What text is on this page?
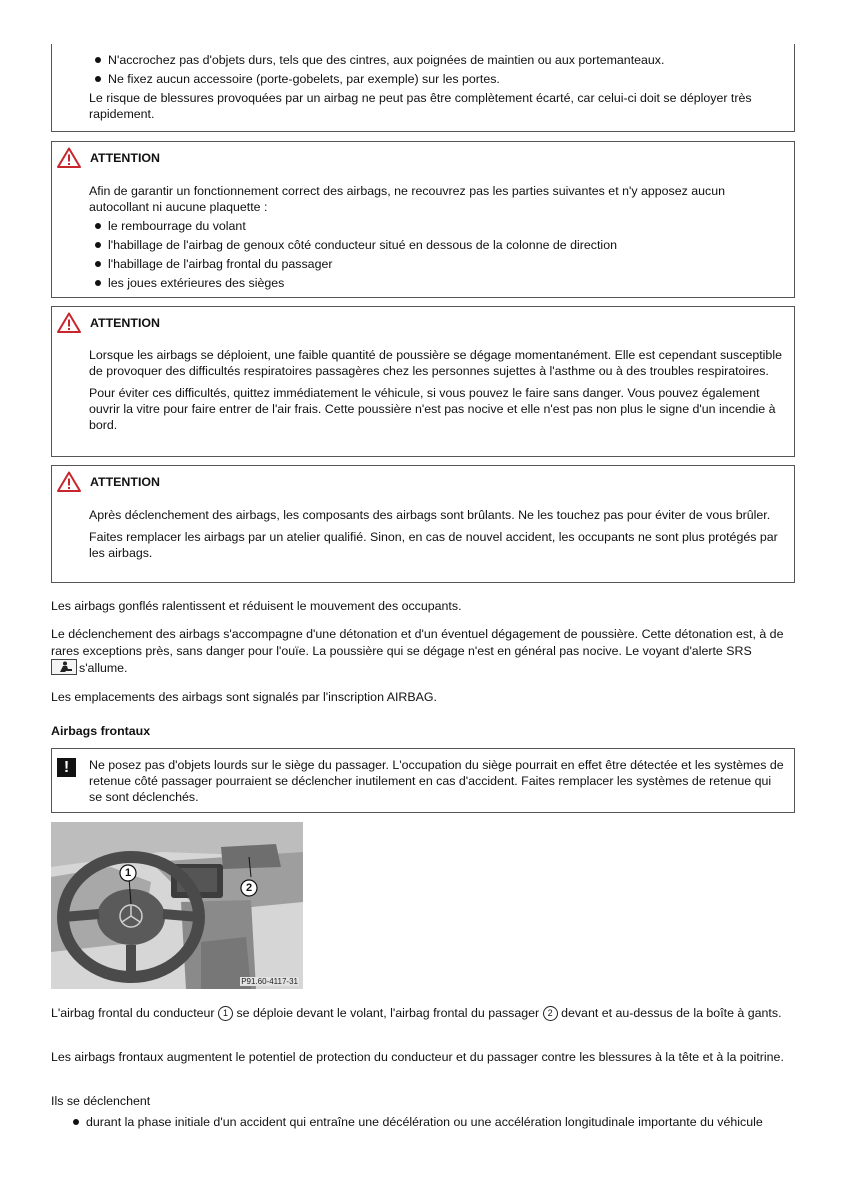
N'accrochez pas d'objets durs, tels que des cintres, aux poignées de maintien ou aux portemanteaux.
Ne fixez aucun accessoire (porte-gobelets, par exemple) sur les portes.

Le risque de blessures provoquées par un airbag ne peut pas être complètement écarté, car celui-ci doit se déployer très rapidement.

ATTENTION

Afin de garantir un fonctionnement correct des airbags, ne recouvrez pas les parties suivantes et n'y apposez aucun autocollant ni aucune plaquette :

le rembourrage du volant
l'habillage de l'airbag de genoux côté conducteur situé en dessous de la colonne de direction
l'habillage de l'airbag frontal du passager
les joues extérieures des sièges
ATTENTION

Lorsque les airbags se déploient, une faible quantité de poussière se dégage momentanément. Elle est cependant susceptible de provoquer des difficultés respiratoires passagères chez les personnes sujettes à l'asthme ou à des troubles respiratoires.

Pour éviter ces difficultés, quittez immédiatement le véhicule, si vous pouvez le faire sans danger. Vous pouvez également ouvrir la vitre pour faire entrer de l'air frais. Cette poussière n'est pas nocive et elle n'est pas non plus le signe d'un incendie à bord.

ATTENTION

Après déclenchement des airbags, les composants des airbags sont brûlants. Ne les touchez pas pour éviter de vous brûler.

Faites remplacer les airbags par un atelier qualifié. Sinon, en cas de nouvel accident, les occupants ne sont plus protégés par les airbags.

Les airbags gonflés ralentissent et réduisent le mouvement des occupants.

Le déclenchement des airbags s'accompagne d'une détonation et d'un éventuel dégagement de poussière. Cette détonation est, à de rares exceptions près, sans danger pour l'ouïe. La poussière qui se dégage n'est en général pas nocive. Le voyant d'alerte SRS
s'allume.

Les emplacements des airbags sont signalés par l'inscription AIRBAG.

Airbags frontaux
!	Ne posez pas d'objets lourds sur le siège du passager. L'occupation du siège pourrait en effet être détectée et les systèmes de retenue côté passager pourraient se déclencher inutilement en cas d'accident. Faites remplacer les systèmes de retenue qui se sont déclenchés.

1
2
P91.60-4117-31

L'airbag frontal du conducteur 1 se déploie devant le volant, l'airbag frontal du passager 2 devant et au-dessus de la boîte à gants.

Les airbags frontaux augmentent le potentiel de protection du conducteur et du passager contre les blessures à la tête et à la poitrine.

Ils se déclenchent

durant la phase initiale d'un accident qui entraîne une décélération ou une accélération longitudinale importante du véhicule
